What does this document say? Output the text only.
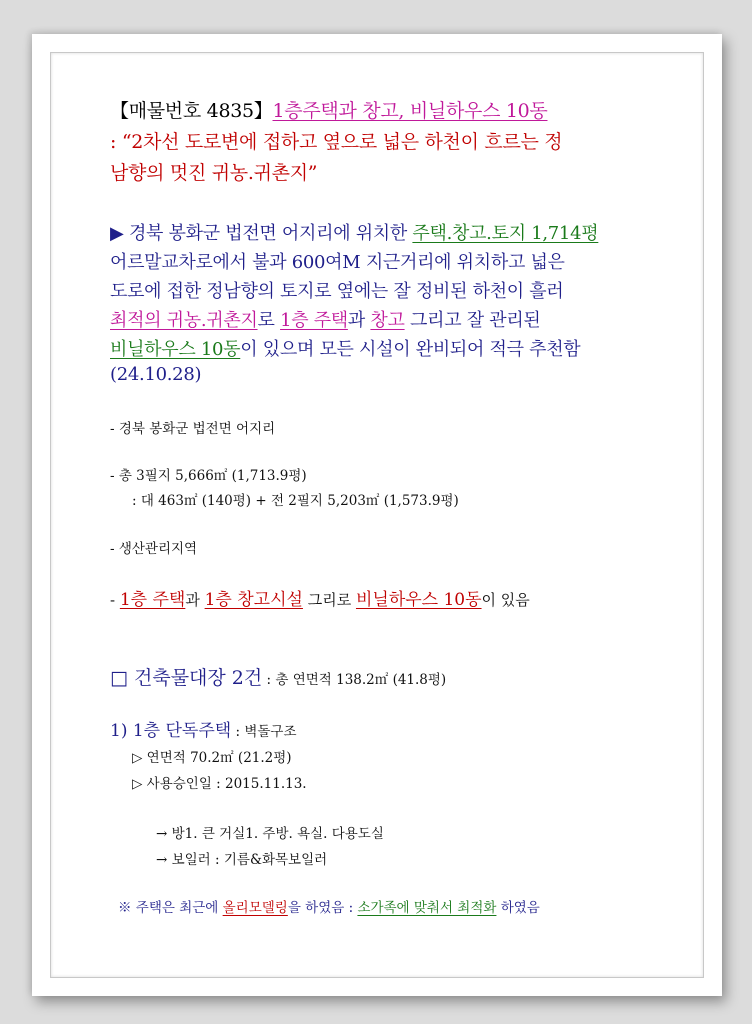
【매물번호 4835】1층주택과 창고, 비닐하우스 10동
: “2차선 도로변에 접하고 옆으로 넓은 하천이 흐르는 정
남향의 멋진 귀농.귀촌지”
▶ 경북 봉화군 법전면 어지리에 위치한 주택.창고.토지 1,714평
어르말교차로에서 불과 600여M 지근거리에 위치하고 넓은
도로에 접한 정남향의 토지로 옆에는 잘 정비된 하천이 흘러
최적의 귀농.귀촌지로 1층 주택과 창고 그리고 잘 관리된
비닐하우스 10동이 있으며 모든 시설이 완비되어 적극 추천함
(24.10.28)
- 경북 봉화군 법전면 어지리
- 총 3필지 5,666㎡ (1,713.9평)
: 대 463㎡ (140평) + 전 2필지 5,203㎡ (1,573.9평)
- 생산관리지역
- 1층 주택과 1층 창고시설 그리로 비닐하우스 10동이 있음
□ 건축물대장 2건 : 총 연면적 138.2㎡ (41.8평)
1) 1층 단독주택 : 벽돌구조
▷ 연면적 70.2㎡ (21.2평)
▷ 사용승인일 : 2015.11.13.
→ 방1. 큰 거실1. 주방. 욕실. 다용도실
→ 보일러 : 기름&화목보일러
※ 주택은 최근에 올리모델링을 하였음 : 소가족에 맞춰서 최적화 하였음
